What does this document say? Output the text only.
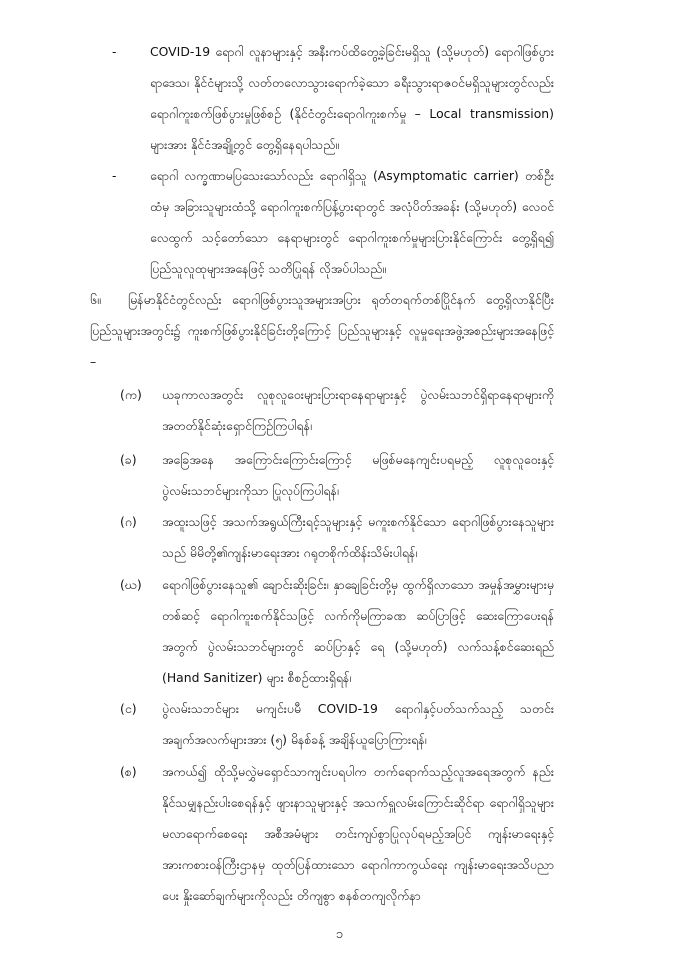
-	COVID-19 ရောဂါ လူနာများနှင့် အနီးကပ်ထိတွေ့ခဲ့ခြင်းမရှိသူ (သို့မဟုတ်) ရောဂါဖြစ်ပွားရာဒေသ၊ နိုင်ငံများသို့ လတ်တလောသွားရောက်ခဲ့သော ခရီးသွားရာဇဝင်မရှိသူများတွင်လည်း ရောဂါကူးစက်ဖြစ်ပွားမှုဖြစ်စဉ် (နိုင်ငံတွင်းရောဂါကူးစက်မှု – Local transmission) များအား နိုင်ငံအချို့တွင် တွေ့ရှိနေရပါသည်။
-	ရောဂါ လက္ခဏာမပြသေးသော်လည်း ရောဂါရှိသူ (Asymptomatic carrier) တစ်ဦးထံမှ အခြားသူများထံသို့ ရောဂါကူးစက်ပြန့်ပွားရာတွင် အလုံပိတ်အခန်း (သို့မဟုတ်) လေဝင်လေထွက် သင့်တော်သော နေရာများတွင် ရောဂါကူးစက်မှုများပြားနိုင်ကြောင်း တွေ့ရှိရ၍ ပြည်သူလူထုများအနေဖြင့် သတိပြုရန် လိုအပ်ပါသည်။
၆။	မြန်မာနိုင်ငံတွင်လည်း ရောဂါဖြစ်ပွားသူအများအပြား ရုတ်တရက်တစ်ပြိုင်နက် တွေ့ရှိလာနိုင်ပြီး ပြည်သူများအတွင်း၌ ကူးစက်ဖြစ်ပွားနိုင်ခြင်းတို့ကြောင့် ပြည်သူများနှင့် လူမှုရေးအဖွဲ့အစည်းများအနေဖြင့် –
(က) ယခုကာလအတွင်း လူစုလူဝေးများပြားရာနေရာများနှင့် ပွဲလမ်းသဘင်ရှိရာနေရာများကို အတတ်နိုင်ဆုံးရှောင်ကြဉ်ကြပါရန်၊
(ခ) အခြေအနေ အကြောင်းကြောင်းကြောင့် မဖြစ်မနေကျင်းပရမည့် လူစုလူဝေးနှင့် ပွဲလမ်းသဘင်များကိုသာ ပြုလုပ်ကြပါရန်၊
(ဂ) အထူးသဖြင့် အသက်အရွယ်ကြီးရင့်သူများနှင့် မကူးစက်နိုင်သော ရောဂါဖြစ်ပွားနေသူများသည် မိမိတို့၏ကျန်းမာရေးအား ဂရုတစိုက်ထိန်းသိမ်းပါရန်၊
(ဃ) ရောဂါဖြစ်ပွားနေသူ၏ ချောင်းဆိုးခြင်း၊ နှာချေခြင်းတို့မှ ထွက်ရှိလာသော အမှုန်အမွှားများမှတစ်ဆင့် ရောဂါကူးစက်နိုင်သဖြင့် လက်ကိုမကြာခဏ ဆပ်ပြာဖြင့် ဆေးကြောပေးရန်အတွက် ပွဲလမ်းသဘင်များတွင် ဆပ်ပြာနှင့် ရေ (သို့မဟုတ်) လက်သန့်စင်ဆေးရည် (Hand Sanitizer) များ စီစဉ်ထားရှိရန်၊
(င) ပွဲလမ်းသဘင်များ မကျင်းပမီ COVID-19 ရောဂါနှင့်ပတ်သက်သည့် သတင်းအချက်အလက်များအား (၅) မိနစ်ခန့် အချိန်ယူပြောကြားရန်၊
(စ) အကယ်၍ ထိုသို့မလွှဲမရှောင်သာကျင်းပရပါက တက်ရောက်သည့်လူအရေအတွက် နည်းနိုင်သမျှနည်းပါးစေရန်နှင့် ဖျားနာသူများနှင့် အသက်ရှူလမ်းကြောင်းဆိုင်ရာ ရောဂါရှိသူများ မလာရောက်စေရေး အစီအမံများ တင်းကျပ်စွာပြုလုပ်ရမည့်အပြင် ကျန်းမာရေးနှင့်အားကစားဝန်ကြီးဌာနမှ ထုတ်ပြန်ထားသော ရောဂါကာကွယ်ရေး ကျန်းမာရေးအသိပညာပေး နှိုးဆော်ချက်များကိုလည်း တိကျစွာ စနစ်တကျလိုက်နာ
၁
